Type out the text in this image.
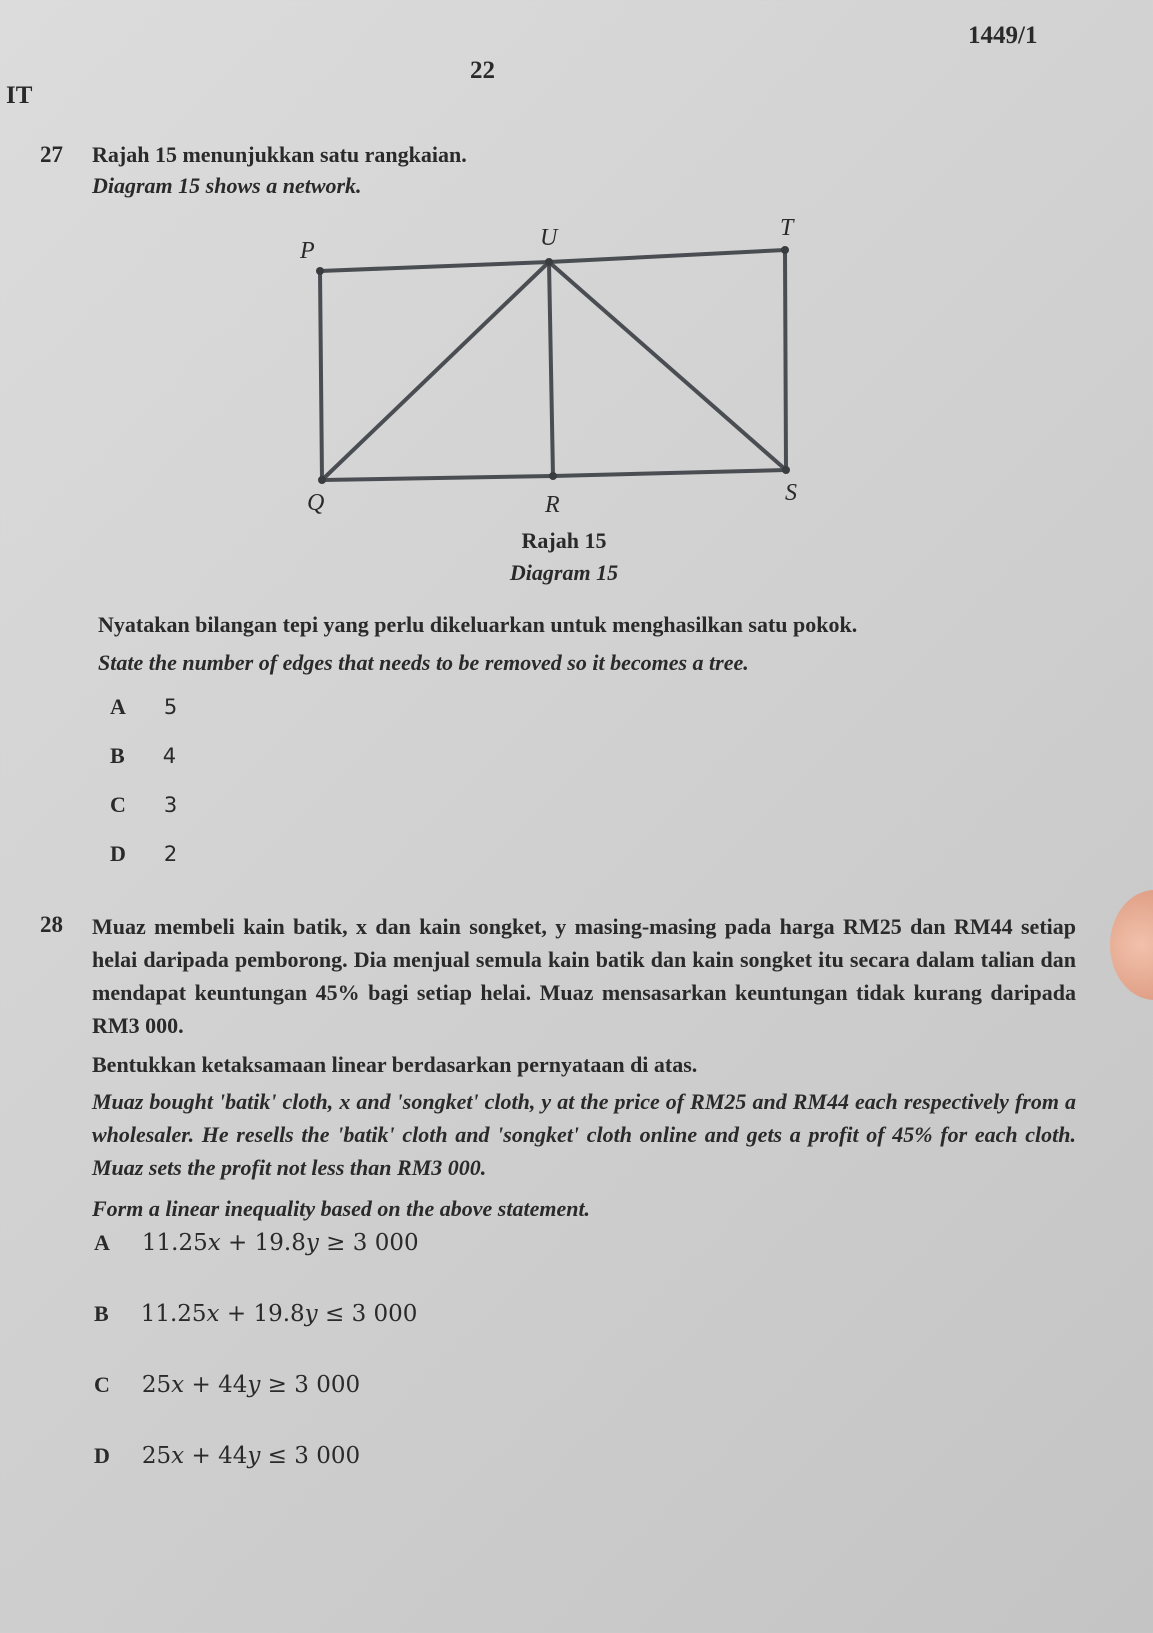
1449/1
22
IT
27 Rajah 15 menunjukkan satu rangkaian.
Diagram 15 shows a network.
P	U	T
Q	R	S
Rajah 15
Diagram 15
Nyatakan bilangan tepi yang perlu dikeluarkan untuk menghasilkan satu pokok.
State the number of edges that needs to be removed so it becomes a tree.
A 5
B 4
C 3
D 2
28 Muaz membeli kain batik, x dan kain songket, y masing-masing pada harga RM25 dan RM44 setiap helai daripada pemborong. Dia menjual semula kain batik dan kain songket itu secara dalam talian dan mendapat keuntungan 45% bagi setiap helai. Muaz mensasarkan keuntungan tidak kurang daripada RM3 000.
Bentukkan ketaksamaan linear berdasarkan pernyataan di atas.
Muaz bought 'batik' cloth, x and 'songket' cloth, y at the price of RM25 and RM44 each respectively from a wholesaler. He resells the 'batik' cloth and 'songket' cloth online and gets a profit of 45% for each cloth. Muaz sets the profit not less than RM3 000.
Form a linear inequality based on the above statement.
A 11.25x + 19.8y ≥ 3 000
B 11.25x + 19.8y ≤ 3 000
C 25x + 44y ≥ 3 000
D 25x + 44y ≤ 3 000
